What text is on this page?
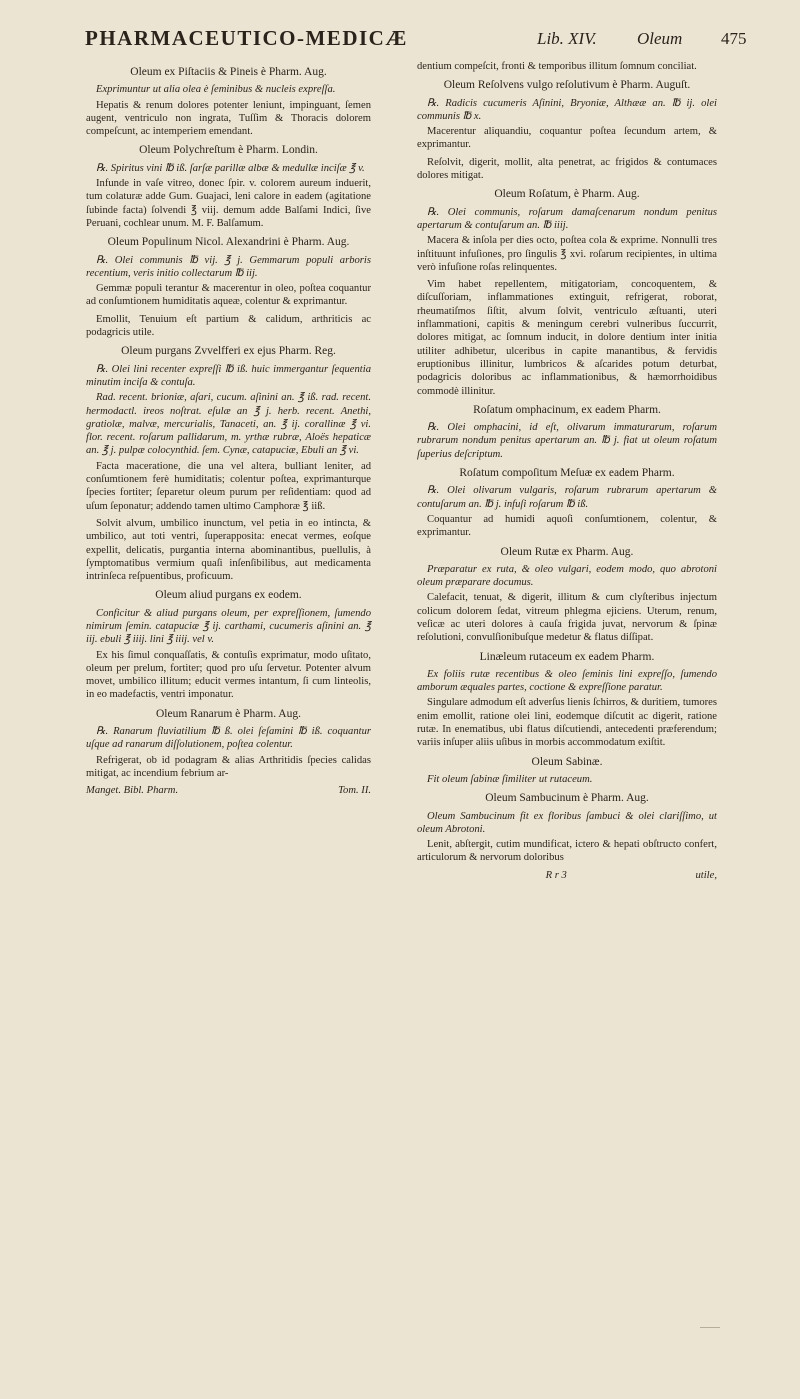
PHARMACEUTICO-MEDICÆ	Lib. XIV. Oleum 475
Oleum ex Piſtaciis & Pineis è Pharm. Aug.
Exprimuntur ut alia olea è ſeminibus & nucleis expreſſa.
Hepatis & renum dolores potenter leniunt, impinguant, ſemen augent, ventriculo non ingrata, Tuſſim & Thoracis dolorem compeſcunt, ac intemperiem emendant.
Oleum Polychreſtum è Pharm. Londin.
℞. Spiritus vini ℔ iß. ſarſæ parillæ albæ & medullæ inciſæ ℥ v.
Infunde in vaſe vitreo, donec ſpir. v. colorem aureum induerit, tum colaturæ adde Gum. Guajaci, leni calore in eadem (agitatione ſubinde facta) ſolvendi ℥ viij. demum adde Balſami Indici, ſive Peruani, cochlear unum. M. F. Balſamum.
Oleum Populinum Nicol. Alexandrini è Pharm. Aug.
℞. Olei communis ℔ vij. ℥ j. Gemmarum populi arboris recentium, veris initio collectarum ℔ iij.
Gemmæ populi terantur & macerentur in oleo, poſtea coquantur ad conſumtionem humiditatis aqueæ, colentur & exprimantur.
Emollit, Tenuium eſt partium & calidum, arthriticis ac podagricis utile.
Oleum purgans Zvvelfferi ex ejus Pharm. Reg.
℞. Olei lini recenter expreſſi ℔ iß. huic immergantur ſequentia minutim inciſa & contuſa.
Rad. recent. brioniæ, aſari, cucum. aſinini an. ℥ iß. rad. recent. hermodactl. ireos noſtrat. eſulæ an ℥ j. herb. recent. Anethi, gratiolæ, malvæ, mercurialis, Tanaceti, an. ℥ ij. corallinæ ℥ vi. flor. recent. roſarum pallidarum, m. yrthæ rubræ, Aloës hepaticæ an. ℥ j. pulpæ colocynthid. ſem. Cynæ, catapuciæ, Ebuli an ℥ vi.
Facta maceratione, die una vel altera, bulliant leniter, ad conſumtionem ferè humiditatis; colentur poſtea, exprimanturque ſpecies fortiter; ſeparetur oleum purum per reſidentiam: quod ad uſum ſeponatur; addendo tamen ultimo Camphoræ ℥ iiß.
Solvit alvum, umbilico inunctum, vel petia in eo intincta, & umbilico, aut toti ventri, ſuperapposita: enecat vermes, eoſque expellit, delicatis, purgantia interna abominantibus, puellulis, à ſymptomatibus vermium quaſi inſenſibilibus, aut medicamenta intrinſeca reſpuentibus, proficuum.
Oleum aliud purgans ex eodem.
Conficitur & aliud purgans oleum, per expreſſionem, ſumendo nimirum ſemin. catapuciæ ℥ ij. carthami, cucumeris aſinini an. ℥ iij. ebuli ℥ iiij. lini ℥ iiij. vel v.
Ex his ſimul conquaſſatis, & contuſis exprimatur, modo uſitato, oleum per prelum, fortiter; quod pro uſu ſervetur. Potenter alvum movet, umbilico illitum; educit vermes intantum, ſi cum linteolis, in eo madefactis, ventri imponatur.
Oleum Ranarum è Pharm. Aug.
℞. Ranarum fluviatilium ℔ ß. olei ſeſamini ℔ iß. coquantur uſque ad ranarum diſſolutionem, poſtea colentur.
Refrigerat, ob id podagram & alias Arthritidis ſpecies calidas mitigat, ac incendium febrium ar-
Manget. Bibl. Pharm.	Tom. II.
dentium compeſcit, fronti & temporibus illitum ſomnum conciliat.
Oleum Reſolvens vulgo reſolutivum è Pharm. Auguſt.
℞. Radicis cucumeris Aſinini, Bryoniæ, Althææ an. ℔ ij. olei communis ℔ x.
Macerentur aliquandiu, coquantur poſtea ſecundum artem, & exprimantur.
Reſolvit, digerit, mollit, alta penetrat, ac frigidos & contumaces dolores mitigat.
Oleum Roſatum, è Pharm. Aug.
℞. Olei communis, roſarum damaſcenarum nondum penitus apertarum & contuſarum an. ℔ iiij.
Macera & inſola per dies octo, poſtea cola & exprime. Nonnulli tres inſtituunt infuſiones, pro ſingulis ℥ xvi. roſarum recipientes, in ultima verò infuſione roſas relinquentes.
Vim habet repellentem, mitigatoriam, concoquentem, & diſcuſſoriam, inflammationes extinguit, refrigerat, roborat, rheumatiſmos ſiſtit, alvum ſolvit, ventriculo æſtuanti, uteri inflammationi, capitis & meningum cerebri vulneribus ſuccurrit, dolores mitigat, ac ſomnum inducit, in dolore dentium inter initia utiliter adhibetur, ulceribus in capite manantibus, & fervidis eruptionibus illinitur, lumbricos & aſcarides potum deturbat, podagricis doloribus ac inflammationibus, & hæmorrhoidibus commodè illinitur.
Roſatum omphacinum, ex eadem Pharm.
℞. Olei omphacini, id eſt, olivarum immaturarum, roſarum rubrarum nondum penitus apertarum an. ℔ j. fiat ut oleum roſatum ſuperius deſcriptum.
Roſatum compoſitum Meſuæ ex eadem Pharm.
℞. Olei olivarum vulgaris, roſarum rubrarum apertarum & contuſarum an. ℔ j. infuſi roſarum ℔ iß.
Coquantur ad humidi aquoſi conſumtionem, colentur, & exprimantur.
Oleum Rutæ ex Pharm. Aug.
Præparatur ex ruta, & oleo vulgari, eodem modo, quo abrotoni oleum præparare documus.
Calefacit, tenuat, & digerit, illitum & cum clyſteribus injectum colicum dolorem ſedat, vitreum phlegma ejiciens. Uterum, renum, veſicæ ac uteri dolores à cauſa frigida juvat, nervorum & ſpinæ reſolutioni, convulſionibuſque medetur & flatus diſſipat.
Linæleum rutaceum ex eadem Pharm.
Ex foliis rutæ recentibus & oleo ſeminis lini expreſſo, ſumendo amborum æquales partes, coctione & expreſſione paratur.
Singulare admodum eſt adverſus lienis ſchirros, & duritiem, tumores enim emollit, ratione olei lini, eodemque diſcutit ac digerit, ratione rutæ. In enematibus, ubi flatus diſcutiendi, antecedenti præferendum; variis inſuper aliis uſibus in morbis accommodatum exiſtit.
Oleum Sabinæ.
Fit oleum ſabinæ ſimiliter ut rutaceum.
Oleum Sambucinum è Pharm. Aug.
Oleum Sambucinum fit ex floribus ſambuci & olei clariſſimo, ut oleum Abrotoni.
Lenit, abſtergit, cutim mundificat, ictero & hepati obſtructo confert, articulorum & nervorum doloribus
R r 3	utile,
